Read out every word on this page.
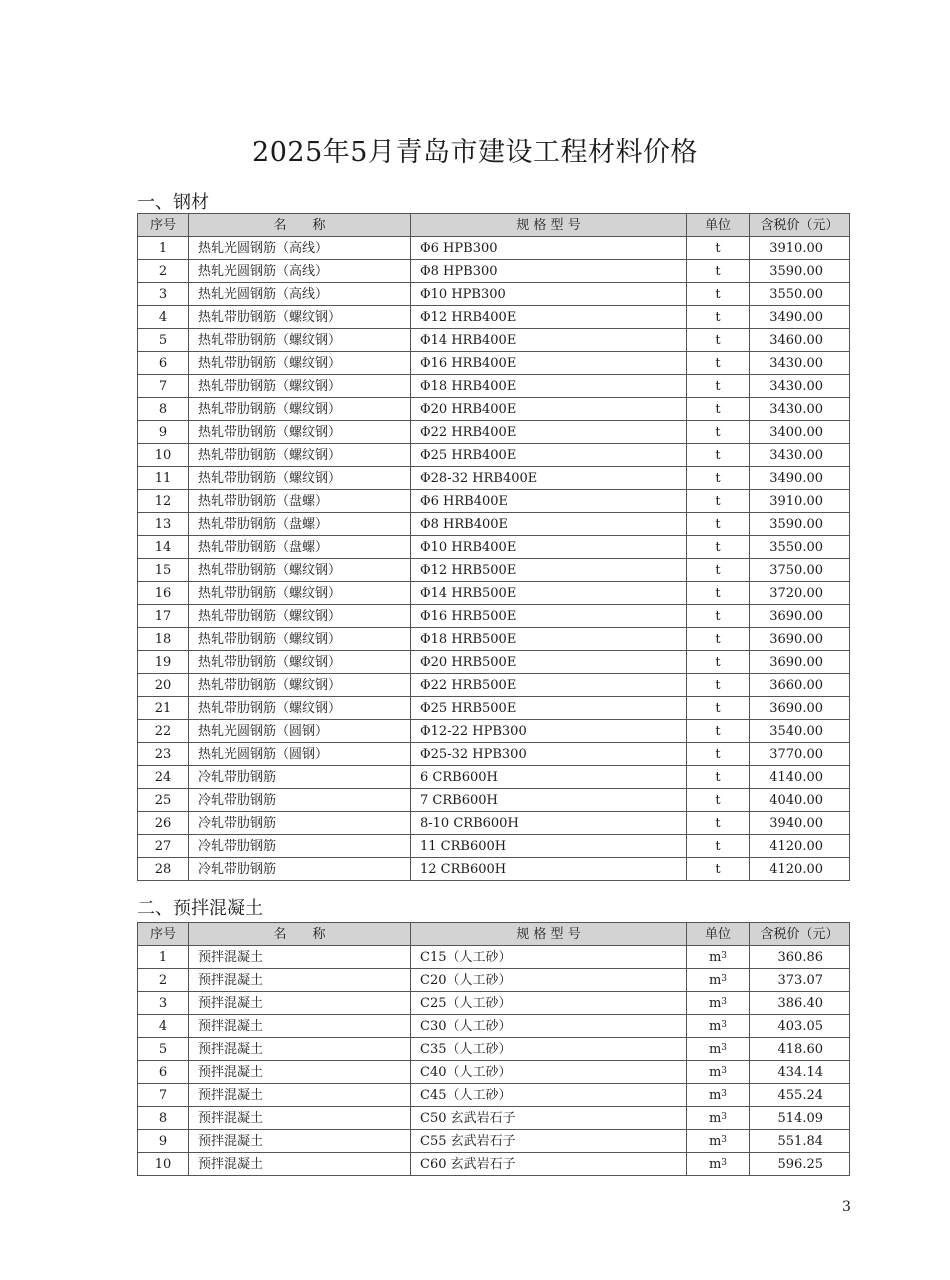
2025年5月青岛市建设工程材料价格
一、钢材
序号	名　　称	规 格 型 号	单位	含税价（元）
1	热轧光圆钢筋（高线）	Φ6 HPB300	t	3910.00
2	热轧光圆钢筋（高线）	Φ8 HPB300	t	3590.00
3	热轧光圆钢筋（高线）	Φ10 HPB300	t	3550.00
4	热轧带肋钢筋（螺纹钢）	Φ12 HRB400E	t	3490.00
5	热轧带肋钢筋（螺纹钢）	Φ14 HRB400E	t	3460.00
6	热轧带肋钢筋（螺纹钢）	Φ16 HRB400E	t	3430.00
7	热轧带肋钢筋（螺纹钢）	Φ18 HRB400E	t	3430.00
8	热轧带肋钢筋（螺纹钢）	Φ20 HRB400E	t	3430.00
9	热轧带肋钢筋（螺纹钢）	Φ22 HRB400E	t	3400.00
10	热轧带肋钢筋（螺纹钢）	Φ25 HRB400E	t	3430.00
11	热轧带肋钢筋（螺纹钢）	Φ28-32 HRB400E	t	3490.00
12	热轧带肋钢筋（盘螺）	Φ6 HRB400E	t	3910.00
13	热轧带肋钢筋（盘螺）	Φ8 HRB400E	t	3590.00
14	热轧带肋钢筋（盘螺）	Φ10 HRB400E	t	3550.00
15	热轧带肋钢筋（螺纹钢）	Φ12 HRB500E	t	3750.00
16	热轧带肋钢筋（螺纹钢）	Φ14 HRB500E	t	3720.00
17	热轧带肋钢筋（螺纹钢）	Φ16 HRB500E	t	3690.00
18	热轧带肋钢筋（螺纹钢）	Φ18 HRB500E	t	3690.00
19	热轧带肋钢筋（螺纹钢）	Φ20 HRB500E	t	3690.00
20	热轧带肋钢筋（螺纹钢）	Φ22 HRB500E	t	3660.00
21	热轧带肋钢筋（螺纹钢）	Φ25 HRB500E	t	3690.00
22	热轧光圆钢筋（圆钢）	Φ12-22 HPB300	t	3540.00
23	热轧光圆钢筋（圆钢）	Φ25-32 HPB300	t	3770.00
24	冷轧带肋钢筋	6 CRB600H	t	4140.00
25	冷轧带肋钢筋	7 CRB600H	t	4040.00
26	冷轧带肋钢筋	8-10 CRB600H	t	3940.00
27	冷轧带肋钢筋	11 CRB600H	t	4120.00
28	冷轧带肋钢筋	12 CRB600H	t	4120.00
二、预拌混凝土
序号	名　　称	规 格 型 号	单位	含税价（元）
1	预拌混凝土	C15（人工砂）	$m^3$	360.86
2	预拌混凝土	C20（人工砂）	$m^3$	373.07
3	预拌混凝土	C25（人工砂）	$m^3$	386.40
4	预拌混凝土	C30（人工砂）	$m^3$	403.05
5	预拌混凝土	C35（人工砂）	$m^3$	418.60
6	预拌混凝土	C40（人工砂）	$m^3$	434.14
7	预拌混凝土	C45（人工砂）	$m^3$	455.24
8	预拌混凝土	C50 玄武岩石子	$m^3$	514.09
9	预拌混凝土	C55 玄武岩石子	$m^3$	551.84
10	预拌混凝土	C60 玄武岩石子	$m^3$	596.25
3
